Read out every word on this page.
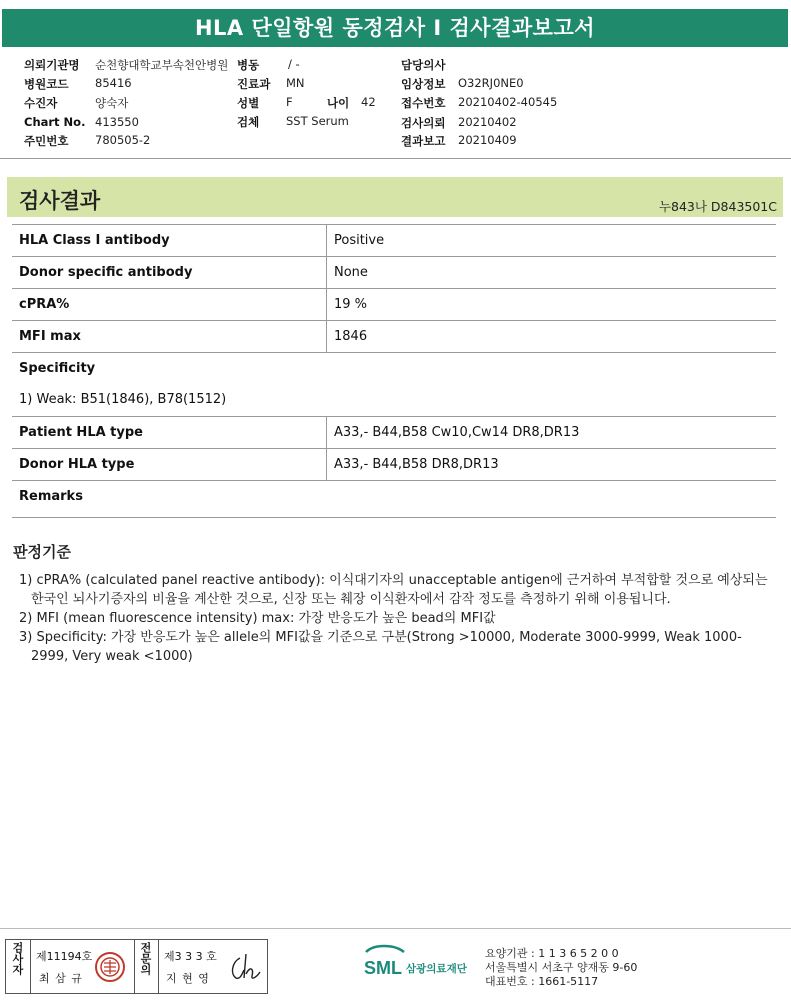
HLA 단일항원 동정검사 I 검사결과보고서
의뢰기관명 순천향대학교부속천안병원 병동	/ -	담당의사
병원코드 85416	진료과 MN	임상정보 O32RJ0NE0
수진자	양숙자	성별 F	나이 42 접수번호 20210402-40545
Chart No. 413550	검체 SST Serum	검사의뢰 20210402
주민번호 780505-2	결과보고 20210409
검사결과	누843나 D843501C
HLA Class Ⅰ antibody	Positive
Donor specific antibody	None
cPRA%	19 %
MFI max	1846
Specificity
1) Weak: B51(1846), B78(1512)
Patient HLA type	A33,- B44,B58 Cw10,Cw14 DR8,DR13
Donor HLA type	A33,- B44,B58 DR8,DR13
Remarks
판정기준
1) cPRA% (calculated panel reactive antibody): 이식대기자의 unacceptable antigen에 근거하여 부적합할 것으로 예상되는 한국인 뇌사기증자의 비율을 계산한 것으로, 신장 또는 췌장 이식환자에서 감작 정도를 측정하기 위해 이용됩니다.
2) MFI (mean fluorescence intensity) max: 가장 반응도가 높은 bead의 MFI값
3) Specificity: 가장 반응도가 높은 allele의 MFI값을 기준으로 구분(Strong >10000, Moderate 3000-9999, Weak 1000-2999, Very weak <1000)
검사자 제11194호
최 삼 규
전문의 제3 3 3 호
지 현 영
SML 삼광의료재단
요양기관 : 1 1 3 6 5 2 0 0
서울특별시 서초구 양재동 9-60
대표번호 : 1661-5117
